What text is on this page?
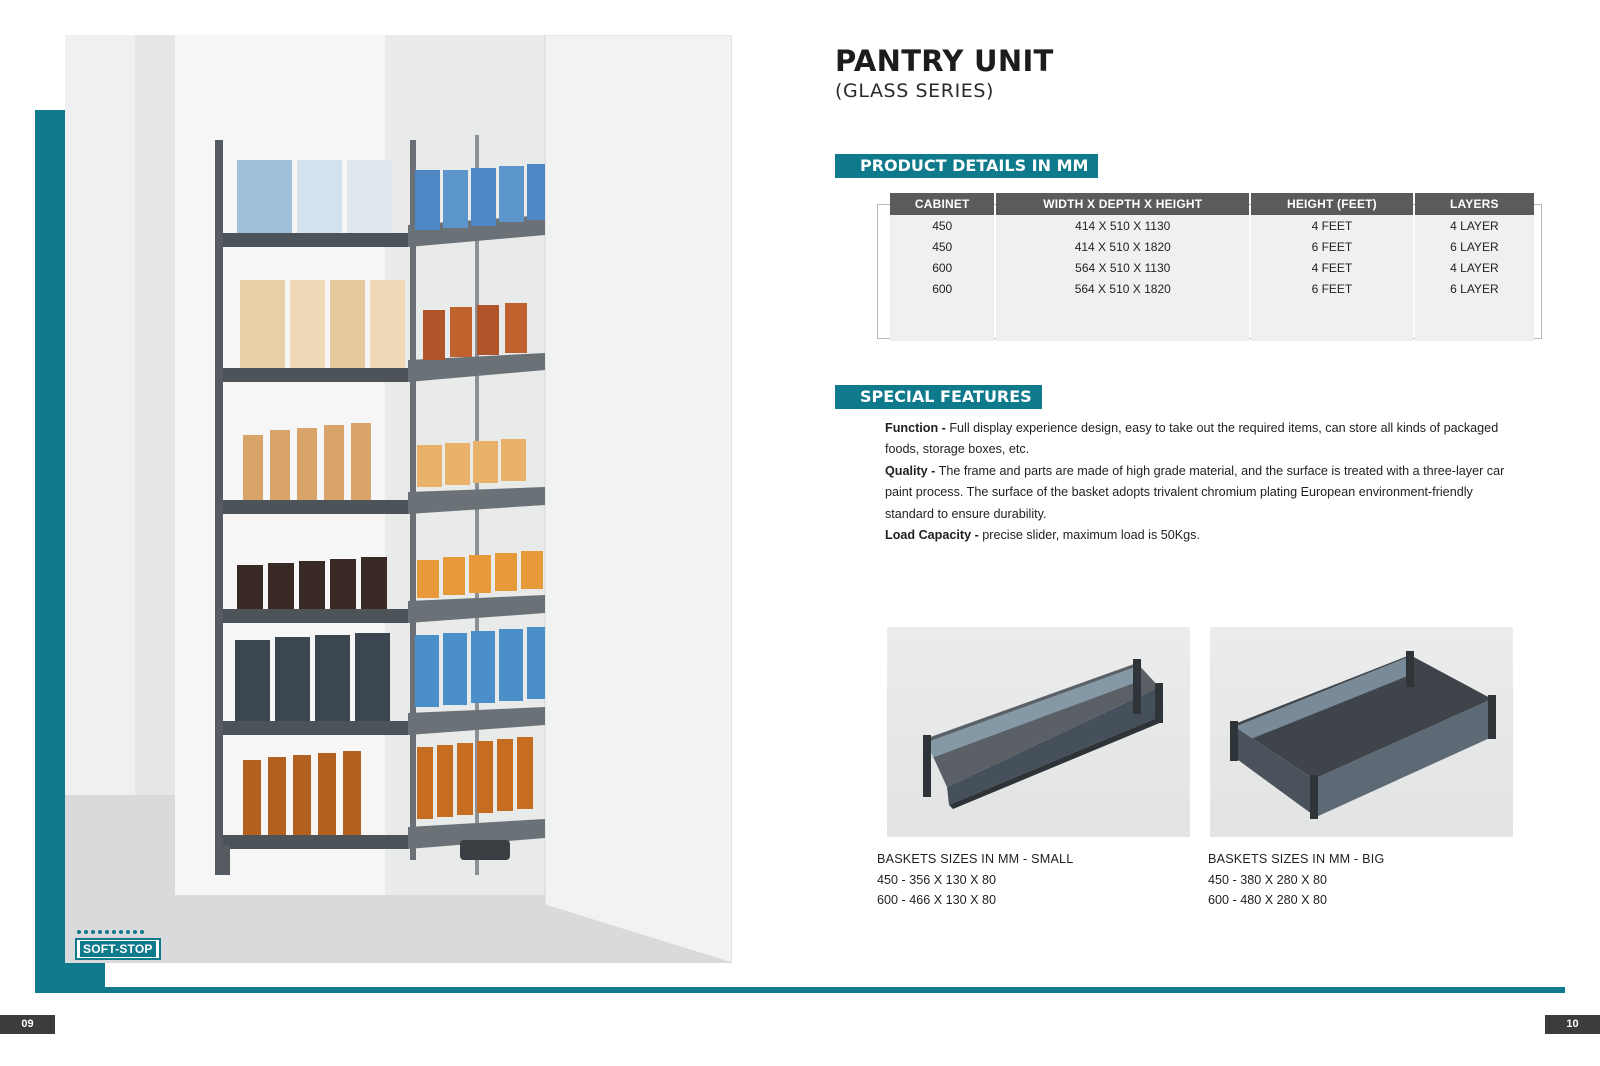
SOFT-STOP
09	10
PANTRY UNIT
(GLASS SERIES)
PRODUCT DETAILS IN MM
CABINET	WIDTH X DEPTH X HEIGHT	HEIGHT (FEET)	LAYERS
450	414 X 510 X 1130	4 FEET	4 LAYER
450	414 X 510 X 1820	6 FEET	6 LAYER
600	564 X 510 X 1130	4 FEET	4 LAYER
600	564 X 510 X 1820	6 FEET	6 LAYER

SPECIAL FEATURES

Function - Full display experience design, easy to take out the required items, can store all kinds of packaged foods, storage boxes, etc.

Quality - The frame and parts are made of high grade material, and the surface is treated with a three-layer car paint process. The surface of the basket adopts trivalent chromium plating European environment-friendly standard to ensure durability.

Load Capacity - precise slider, maximum load is 50Kgs.

BASKETS SIZES IN MM - SMALL
450 - 356 X 130 X 80
600 - 466 X 130 X 80
BASKETS SIZES IN MM - BIG
450 - 380 X 280 X 80
600 - 480 X 280 X 80
